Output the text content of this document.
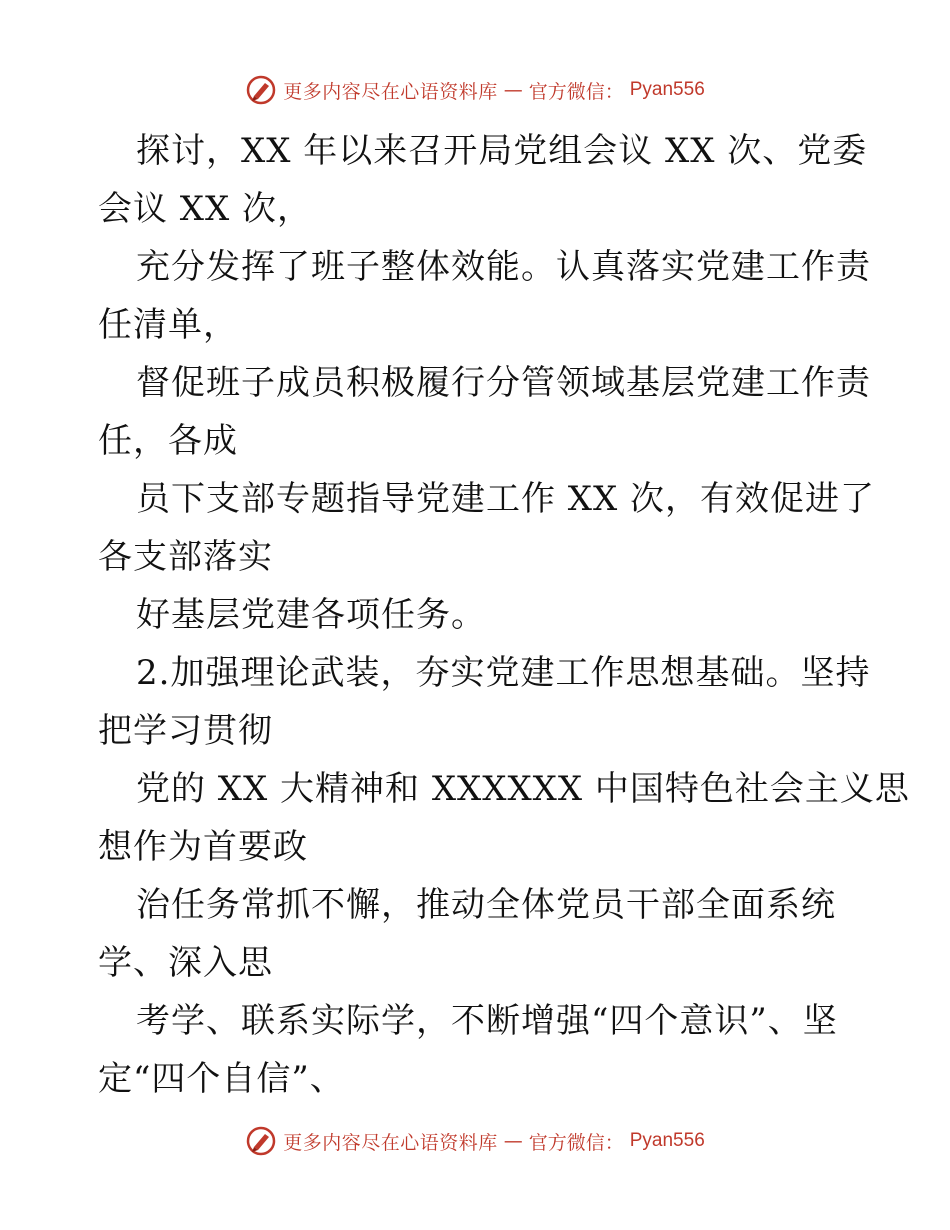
更多内容尽在心语资料库 — 官方微信： Pyan556
探讨，XX 年以来召开局党组会议 XX 次、党委
会议 XX 次，
充分发挥了班子整体效能。认真落实党建工作责
任清单，
督促班子成员积极履行分管领域基层党建工作责
任，各成
员下支部专题指导党建工作 XX 次，有效促进了
各支部落实
好基层党建各项任务。
2.加强理论武装，夯实党建工作思想基础。坚持
把学习贯彻
党的 XX 大精神和 XXXXXX 中国特色社会主义思
想作为首要政
治任务常抓不懈，推动全体党员干部全面系统
学、深入思
考学、联系实际学，不断增强“四个意识”、坚
定“四个自信”、
更多内容尽在心语资料库 — 官方微信： Pyan556
